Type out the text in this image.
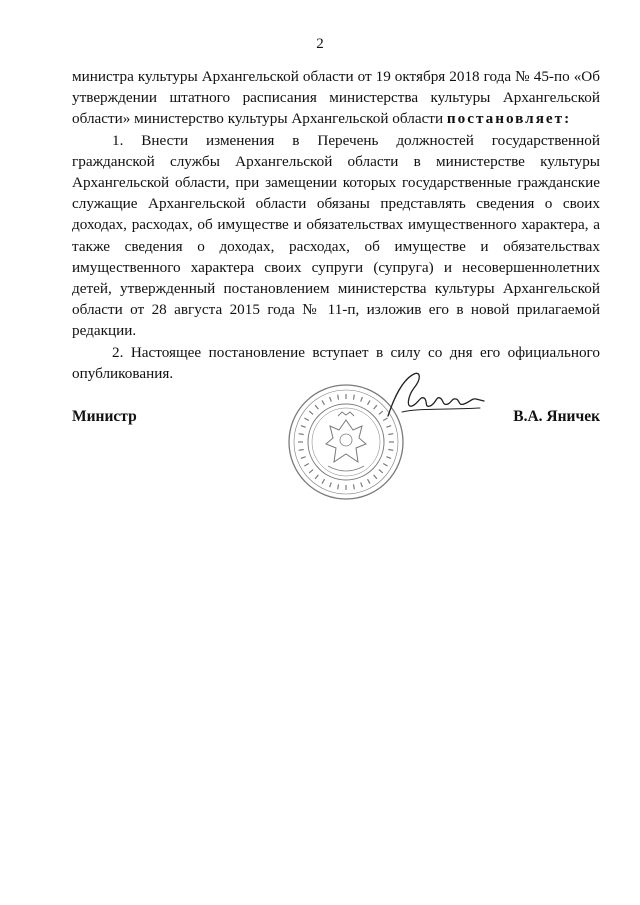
2

министра культуры Архангельской области от 19 октября 2018 года № 45-по «Об утверждении штатного расписания министерства культуры Архангельской области» министерство культуры Архангельской области постановляет:

1. Внести изменения в Перечень должностей государственной гражданской службы Архангельской области в министерстве культуры Архангельской области, при замещении которых государственные гражданские служащие Архангельской области обязаны представлять сведения о своих доходах, расходах, об имуществе и обязательствах имущественного характера, а также сведения о доходах, расходах, об имуществе и обязательствах имущественного характера своих супруги (супруга) и несовершеннолетних детей, утвержденный постановлением министерства культуры Архангельской области от 28 августа 2015 года № 11-п, изложив его в новой прилагаемой редакции.

2. Настоящее постановление вступает в силу со дня его официального опубликования.

Министр	В.А. Яничек
